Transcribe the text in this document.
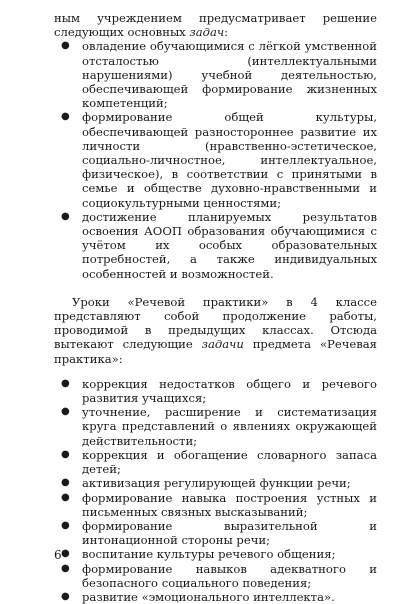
ным учреждением предусматривает решение следующих основных задач:

● овладение обучающимися с лёгкой умственной отсталостью (интеллектуальными нарушениями) учебной деятельностью, обеспечивающей формирование жизненных компетенций;
● формирование общей культуры, обеспечивающей разностороннее развитие их личности (нравственно-эстетическое, социально-личностное, интеллектуальное, физическое), в соответствии с принятыми в семье и обществе духовно-нравственными и социокультурными ценностями;
● достижение планируемых результатов освоения АООП образования обучающимися с учётом их особых образовательных потребностей, а также индивидуальных особенностей и возможностей.

Уроки «Речевой практики» в 4 классе представляют собой продолжение работы, проводимой в предыдущих классах. Отсюда вытекают следующие задачи предмета «Речевая практика»:

● коррекция недостатков общего и речевого развития учащихся;
● уточнение, расширение и систематизация круга представлений о явлениях окружающей действительности;
● коррекция и обогащение словарного запаса детей;
● активизация регулирующей функции речи;
● формирование навыка построения устных и письменных связных высказываний;
● формирование выразительной и интонационной стороны речи;
● воспитание культуры речевого общения;
● формирование навыков адекватного и безопасного социального поведения;
● развитие «эмоционального интеллекта».
6
